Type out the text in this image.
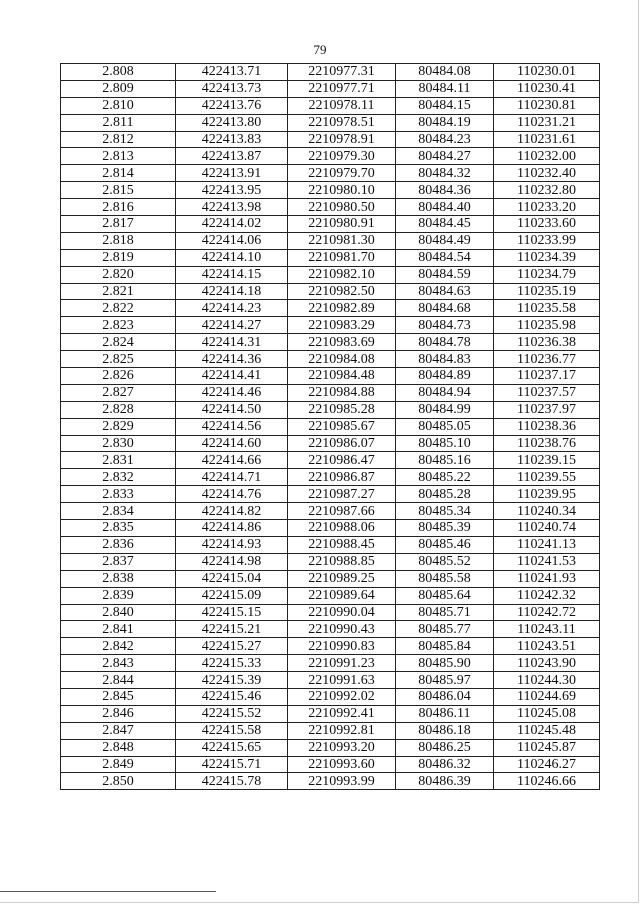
79
2.808	422413.71	2210977.31	80484.08	110230.01
2.809	422413.73	2210977.71	80484.11	110230.41
2.810	422413.76	2210978.11	80484.15	110230.81
2.811	422413.80	2210978.51	80484.19	110231.21
2.812	422413.83	2210978.91	80484.23	110231.61
2.813	422413.87	2210979.30	80484.27	110232.00
2.814	422413.91	2210979.70	80484.32	110232.40
2.815	422413.95	2210980.10	80484.36	110232.80
2.816	422413.98	2210980.50	80484.40	110233.20
2.817	422414.02	2210980.91	80484.45	110233.60
2.818	422414.06	2210981.30	80484.49	110233.99
2.819	422414.10	2210981.70	80484.54	110234.39
2.820	422414.15	2210982.10	80484.59	110234.79
2.821	422414.18	2210982.50	80484.63	110235.19
2.822	422414.23	2210982.89	80484.68	110235.58
2.823	422414.27	2210983.29	80484.73	110235.98
2.824	422414.31	2210983.69	80484.78	110236.38
2.825	422414.36	2210984.08	80484.83	110236.77
2.826	422414.41	2210984.48	80484.89	110237.17
2.827	422414.46	2210984.88	80484.94	110237.57
2.828	422414.50	2210985.28	80484.99	110237.97
2.829	422414.56	2210985.67	80485.05	110238.36
2.830	422414.60	2210986.07	80485.10	110238.76
2.831	422414.66	2210986.47	80485.16	110239.15
2.832	422414.71	2210986.87	80485.22	110239.55
2.833	422414.76	2210987.27	80485.28	110239.95
2.834	422414.82	2210987.66	80485.34	110240.34
2.835	422414.86	2210988.06	80485.39	110240.74
2.836	422414.93	2210988.45	80485.46	110241.13
2.837	422414.98	2210988.85	80485.52	110241.53
2.838	422415.04	2210989.25	80485.58	110241.93
2.839	422415.09	2210989.64	80485.64	110242.32
2.840	422415.15	2210990.04	80485.71	110242.72
2.841	422415.21	2210990.43	80485.77	110243.11
2.842	422415.27	2210990.83	80485.84	110243.51
2.843	422415.33	2210991.23	80485.90	110243.90
2.844	422415.39	2210991.63	80485.97	110244.30
2.845	422415.46	2210992.02	80486.04	110244.69
2.846	422415.52	2210992.41	80486.11	110245.08
2.847	422415.58	2210992.81	80486.18	110245.48
2.848	422415.65	2210993.20	80486.25	110245.87
2.849	422415.71	2210993.60	80486.32	110246.27
2.850	422415.78	2210993.99	80486.39	110246.66
